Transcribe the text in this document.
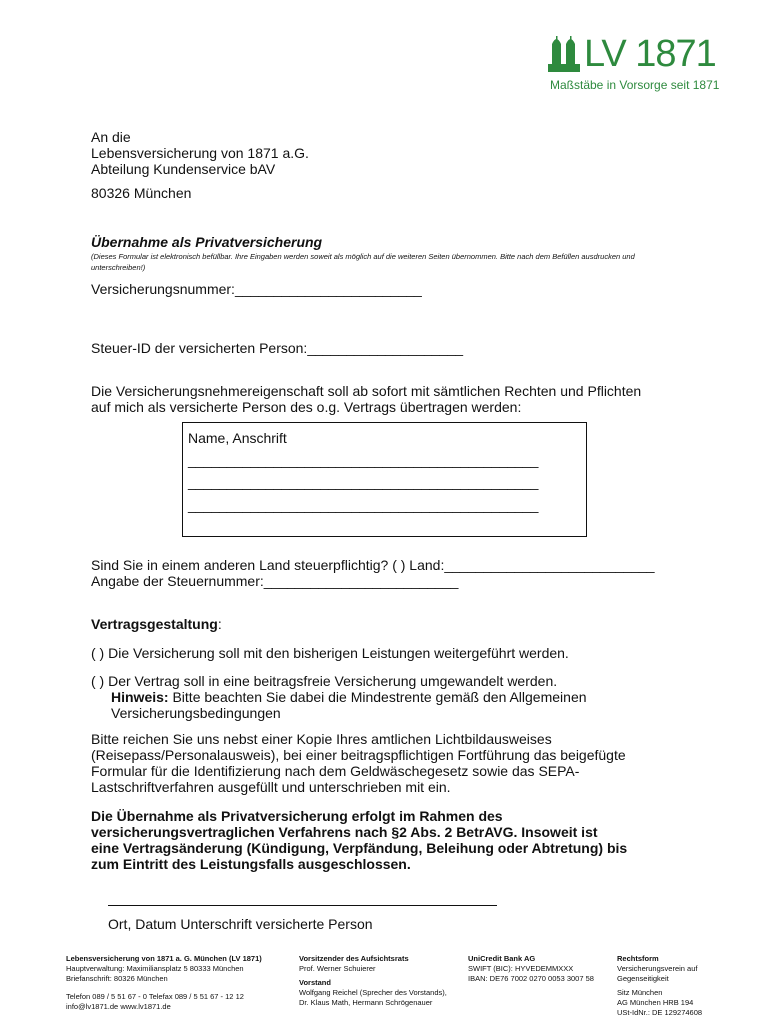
LV 1871
Maßstäbe in Vorsorge seit 1871
An die
Lebensversicherung von 1871 a.G.
Abteilung Kundenservice bAV
80326 München
Übernahme als Privatversicherung
(Dieses Formular ist elektronisch befüllbar. Ihre Eingaben werden soweit als möglich auf die weiteren Seiten übernommen. Bitte nach dem Befüllen ausdrucken und unterschreiben!)
Versicherungsnummer:________________________
Steuer-ID der versicherten Person:____________________
Die Versicherungsnehmereigenschaft soll ab sofort mit sämtlichen Rechten und Pflichten
auf mich als versicherte Person des o.g. Vertrags übertragen werden:
Name, Anschrift
_____________________________________________
_____________________________________________
_____________________________________________
Sind Sie in einem anderen Land steuerpflichtig? ( ) Land:___________________________
Angabe der Steuernummer:_________________________
Vertragsgestaltung:
( ) Die Versicherung soll mit den bisherigen Leistungen weitergeführt werden.
( ) Der Vertrag soll in eine beitragsfreie Versicherung umgewandelt werden.
Hinweis: Bitte beachten Sie dabei die Mindestrente gemäß den Allgemeinen
Versicherungsbedingungen
Bitte reichen Sie uns nebst einer Kopie Ihres amtlichen Lichtbildausweises
(Reisepass/Personalausweis), bei einer beitragspflichtigen Fortführung das beigefügte
Formular für die Identifizierung nach dem Geldwäschegesetz sowie das SEPA-
Lastschriftverfahren ausgefüllt und unterschrieben mit ein.
Die Übernahme als Privatversicherung erfolgt im Rahmen des
versicherungsvertraglichen Verfahrens nach §2 Abs. 2 BetrAVG. Insoweit ist
eine Vertragsänderung (Kündigung, Verpfändung, Beleihung oder Abtretung) bis
zum Eintritt des Leistungsfalls ausgeschlossen.
Ort, Datum Unterschrift versicherte Person
Lebensversicherung von 1871 a. G. München (LV 1871)
Hauptverwaltung: Maximiliansplatz 5 80333 München
Briefanschrift: 80326 München
Telefon 089 / 5 51 67 - 0 Telefax 089 / 5 51 67 - 12 12
info@lv1871.de www.lv1871.de
Vorsitzender des Aufsichtsrats
Prof. Werner Schuierer
Vorstand
Wolfgang Reichel (Sprecher des Vorstands),
Dr. Klaus Math, Hermann Schrögenauer
UniCredit Bank AG
SWIFT (BIC): HYVEDEMMXXX
IBAN: DE76 7002 0270 0053 3007 58
Rechtsform
Versicherungsverein auf
Gegenseitigkeit
Sitz München
AG München HRB 194
USt-IdNr.: DE 129274608
